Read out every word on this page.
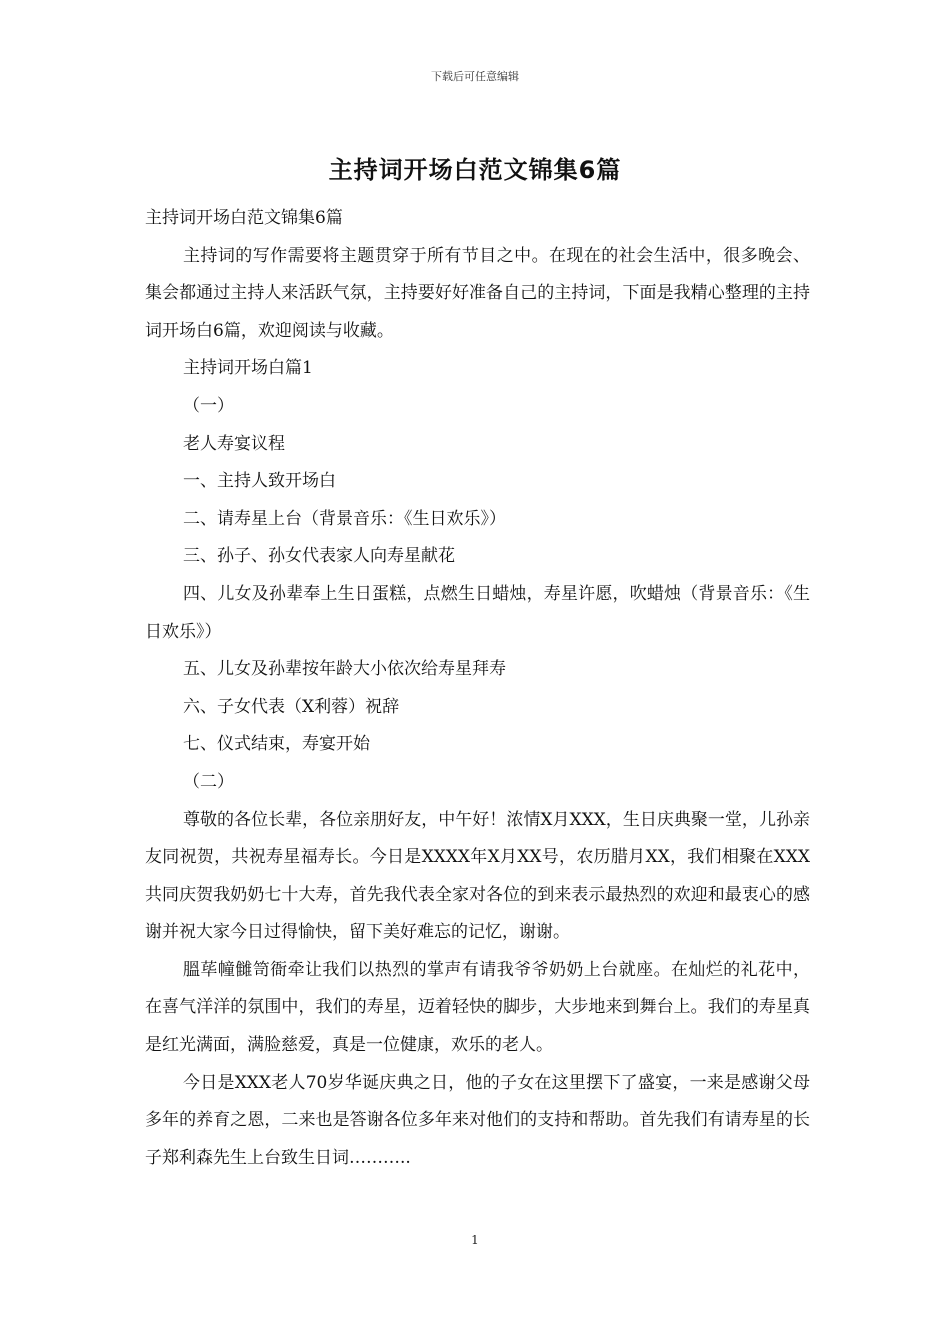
下载后可任意编辑
主持词开场白范文锦集6篇

主持词开场白范文锦集6篇

主持词的写作需要将主题贯穿于所有节目之中。在现在的社会生活中，很多晚会、集会都通过主持人来活跃气氛，主持要好好准备自己的主持词，下面是我精心整理的主持词开场白6篇，欢迎阅读与收藏。

主持词开场白篇1

（一）

老人寿宴议程

一、主持人致开场白

二、请寿星上台（背景音乐：《生日欢乐》）

三、孙子、孙女代表家人向寿星献花

四、儿女及孙辈奉上生日蛋糕，点燃生日蜡烛，寿星许愿，吹蜡烛（背景音乐：《生日欢乐》）

五、儿女及孙辈按年龄大小依次给寿星拜寿

六、子女代表（X利蓉）祝辞

七、仪式结束，寿宴开始

（二）

尊敬的各位长辈，各位亲朋好友，中午好！浓情X月XXX，生日庆典聚一堂，儿孙亲友同祝贺，共祝寿星福寿长。今日是XXXX年X月XX号，农历腊月XX，我们相聚在XXX共同庆贺我奶奶七十大寿，首先我代表全家对各位的到来表示最热烈的欢迎和最衷心的感谢并祝大家今日过得愉快，留下美好难忘的记忆，谢谢。

膃荜幢雠笥衙牵让我们以热烈的掌声有请我爷爷奶奶上台就座。在灿烂的礼花中，在喜气洋洋的氛围中，我们的寿星，迈着轻快的脚步，大步地来到舞台上。我们的寿星真是红光满面，满脸慈爱，真是一位健康，欢乐的老人。

今日是XXX老人70岁华诞庆典之日，他的子女在这里摆下了盛宴，一来是感谢父母多年的养育之恩，二来也是答谢各位多年来对他们的支持和帮助。首先我们有请寿星的长子郑利森先生上台致生日词………..

1
